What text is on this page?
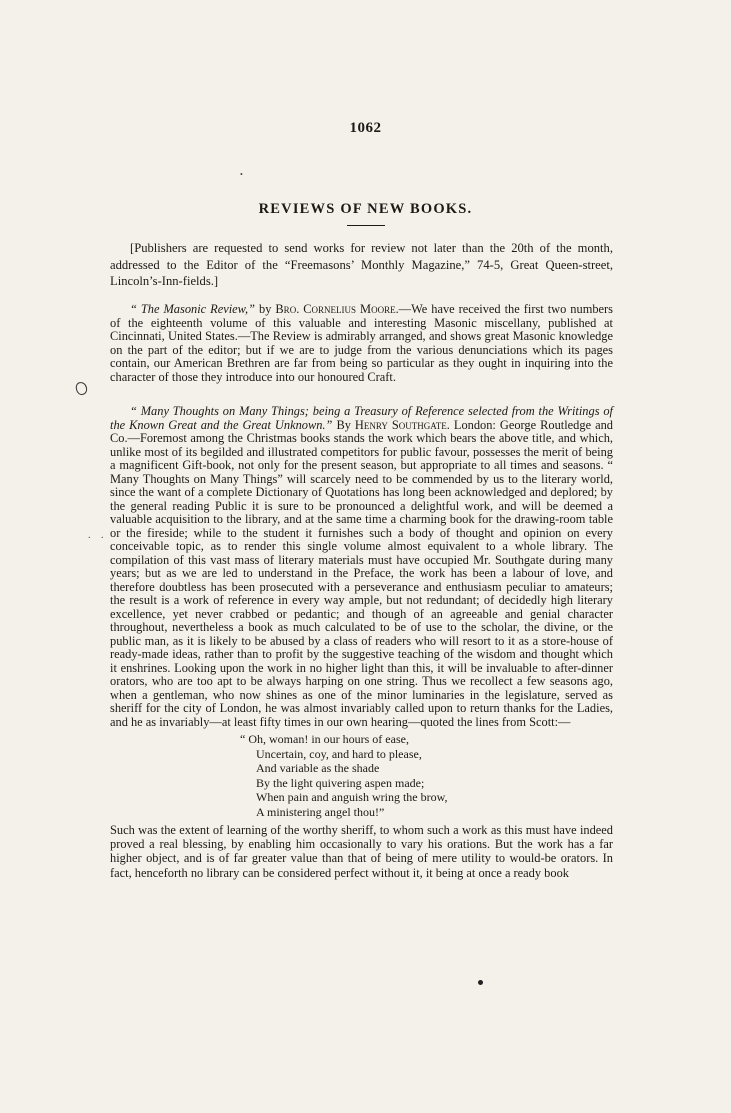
1062
•
REVIEWS OF NEW BOOKS.

[Publishers are requested to send works for review not later than the 20th of the month, addressed to the Editor of the “Freemasons’ Monthly Magazine,” 74-5, Great Queen-street, Lincoln’s-Inn-fields.]

“ The Masonic Review,” by Bro. Cornelius Moore.—We have received the first two numbers of the eighteenth volume of this valuable and interesting Masonic miscellany, published at Cincinnati, United States.—The Review is admirably arranged, and shows great Masonic knowledge on the part of the editor; but if we are to judge from the various denunciations which its pages contain, our American Brethren are far from being so particular as they ought in inquiring into the character of those they introduce into our honoured Craft.

“ Many Thoughts on Many Things; being a Treasury of Reference selected from the Writings of the Known Great and the Great Unknown.” By Henry Southgate. London: George Routledge and Co.—Foremost among the Christmas books stands the work which bears the above title, and which, unlike most of its begilded and illustrated competitors for public favour, possesses the merit of being a magnificent Gift-book, not only for the present season, but appropriate to all times and seasons. “ Many Thoughts on Many Things” will scarcely need to be commended by us to the literary world, since the want of a complete Dictionary of Quotations has long been acknowledged and deplored; by the general reading Public it is sure to be pronounced a delightful work, and will be deemed a valuable acquisition to the library, and at the same time a charming book for the drawing-room table or the fireside; while to the student it furnishes such a body of thought and opinion on every conceivable topic, as to render this single volume almost equivalent to a whole library. The compilation of this vast mass of literary materials must have occupied Mr. Southgate during many years; but as we are led to understand in the Preface, the work has been a labour of love, and therefore doubtless has been prosecuted with a perseverance and enthusiasm peculiar to amateurs; the result is a work of reference in every way ample, but not redundant; of decidedly high literary excellence, yet never crabbed or pedantic; and though of an agreeable and genial character throughout, nevertheless a book as much calculated to be of use to the scholar, the divine, or the public man, as it is likely to be abused by a class of readers who will resort to it as a store-house of ready-made ideas, rather than to profit by the suggestive teaching of the wisdom and thought which it enshrines. Looking upon the work in no higher light than this, it will be invaluable to after-dinner orators, who are too apt to be always harping on one string. Thus we recollect a few seasons ago, when a gentleman, who now shines as one of the minor luminaries in the legislature, served as sheriff for the city of London, he was almost invariably called upon to return thanks for the Ladies, and he as invariably—at least fifty times in our own hearing—quoted the lines from Scott:—

“ Oh, woman! in our hours of ease,
Uncertain, coy, and hard to please,
And variable as the shade
By the light quivering aspen made;
When pain and anguish wring the brow,
A ministering angel thou!”

Such was the extent of learning of the worthy sheriff, to whom such a work as this must have indeed proved a real blessing, by enabling him occasionally to vary his orations. But the work has a far higher object, and is of far greater value than that of being of mere utility to would-be orators. In fact, henceforth no library can be considered perfect without it, it being at once a ready book

. .
